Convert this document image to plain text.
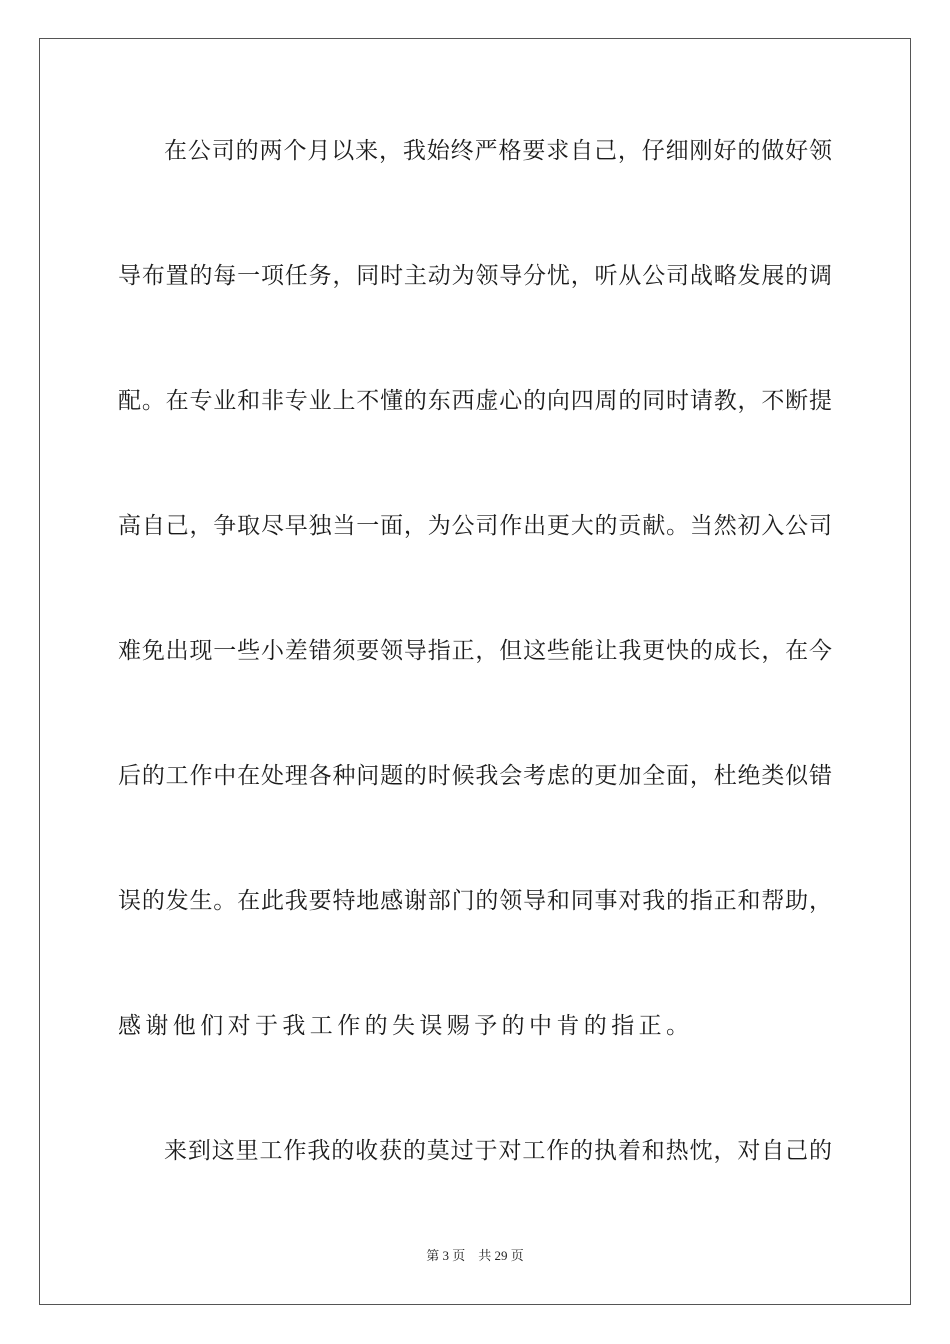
在公司的两个月以来，我始终严格要求自己，仔细刚好的做好领
导布置的每一项任务，同时主动为领导分忧，听从公司战略发展的调
配。在专业和非专业上不懂的东西虚心的向四周的同时请教，不断提
高自己，争取尽早独当一面，为公司作出更大的贡献。当然初入公司
难免出现一些小差错须要领导指正，但这些能让我更快的成长，在今
后的工作中在处理各种问题的时候我会考虑的更加全面，杜绝类似错
误的发生。在此我要特地感谢部门的领导和同事对我的指正和帮助，
感谢他们对于我工作的失误赐予的中肯的指正。
来到这里工作我的收获的莫过于对工作的执着和热忱，对自己的
第 3 页    共 29 页
